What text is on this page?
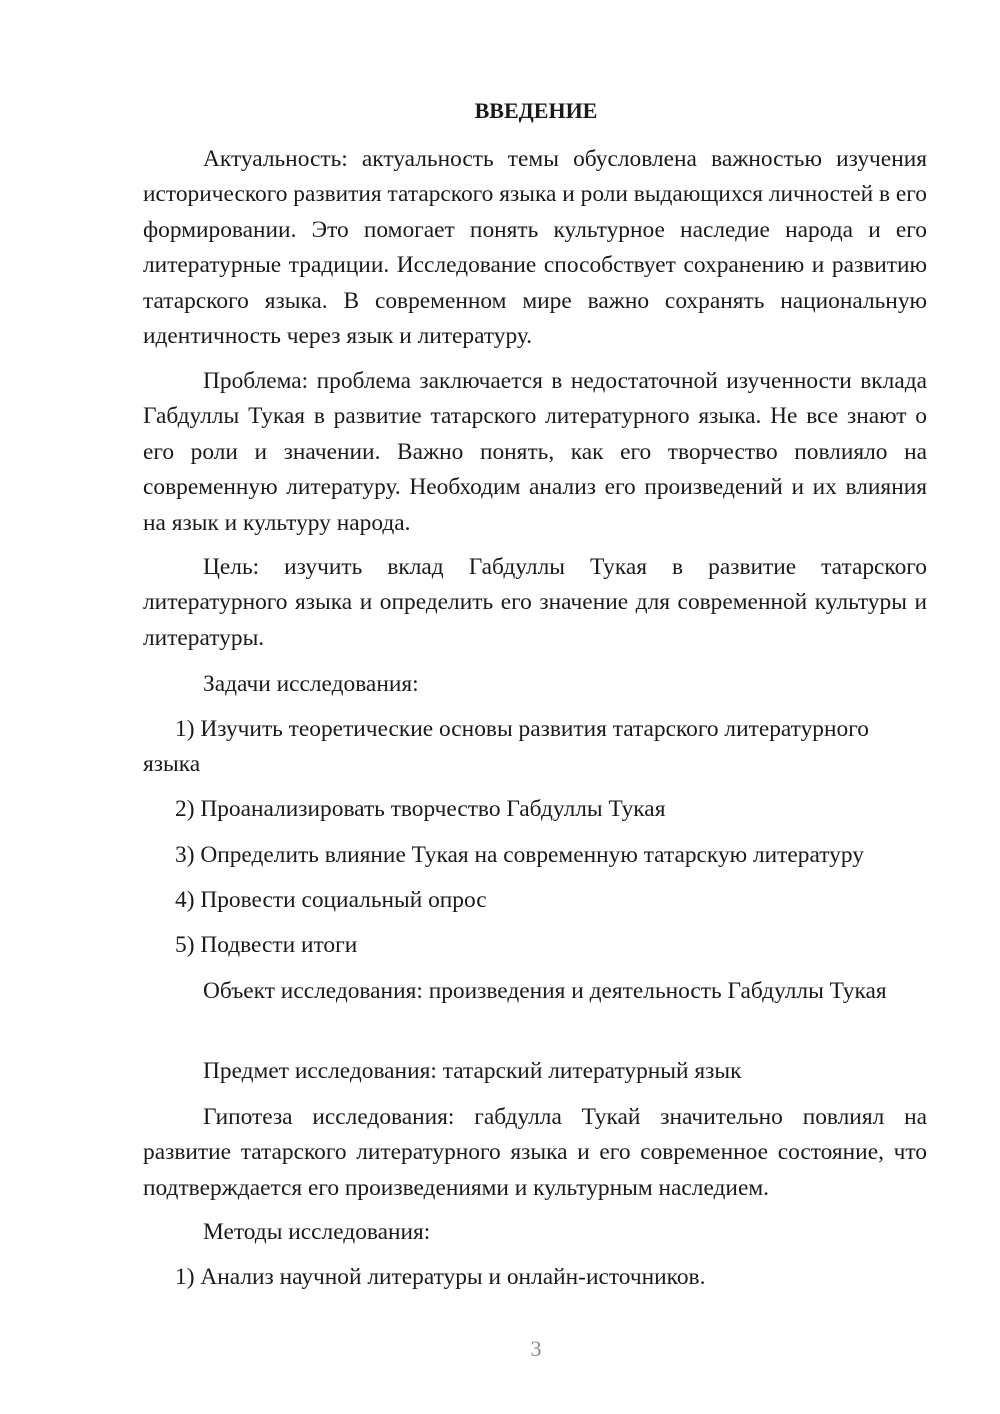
ВВЕДЕНИЕ

Актуальность: актуальность темы обусловлена важностью изучения исторического развития татарского языка и роли выдающихся личностей в его формировании. Это помогает понять культурное наследие народа и его литературные традиции. Исследование способствует сохранению и развитию татарского языка. В современном мире важно сохранять национальную идентичность через язык и литературу.

Проблема: проблема заключается в недостаточной изученности вклада Габдуллы Тукая в развитие татарского литературного языка. Не все знают о его роли и значении. Важно понять, как его творчество повлияло на современную литературу. Необходим анализ его произведений и их влияния на язык и культуру народа.

Цель: изучить вклад Габдуллы Тукая в развитие татарского литературного языка и определить его значение для современной культуры и литературы.

Задачи исследования:

1) Изучить теоретические основы развития татарского литературного языка

2) Проанализировать творчество Габдуллы Тукая

3) Определить влияние Тукая на современную татарскую литературу

4) Провести социальный опрос

5) Подвести итоги

Объект исследования: произведения и деятельность Габдуллы Тукая

Предмет исследования: татарский литературный язык

Гипотеза исследования: габдулла Тукай значительно повлиял на развитие татарского литературного языка и его современное состояние, что подтверждается его произведениями и культурным наследием.

Методы исследования:

1) Анализ научной литературы и онлайн-источников.

3
